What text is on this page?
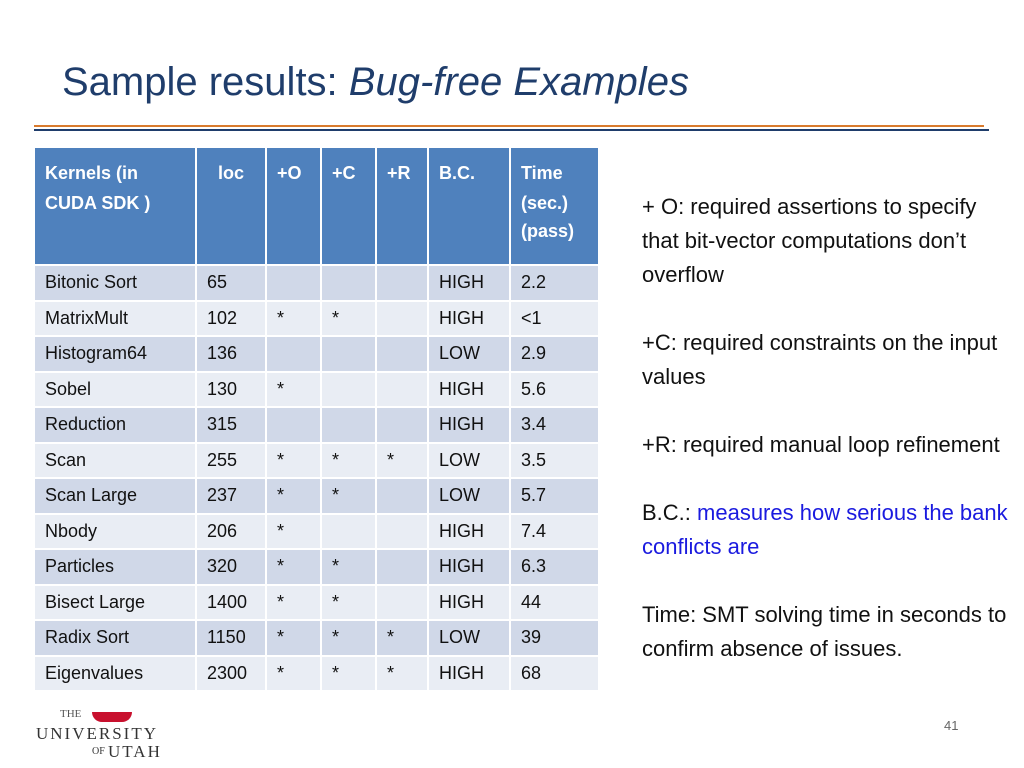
Sample results: Bug-free Examples
Kernels (in
CUDA SDK )	loc	+O	+C	+R	B.C.	Time
(sec.)
(pass)

Bitonic Sort	65				HIGH	2.2
MatrixMult	102	*	*		HIGH	<1
Histogram64	136				LOW	2.9
Sobel	130	*			HIGH	5.6
Reduction	315				HIGH	3.4
Scan	255	*	*	*	LOW	3.5
Scan Large	237	*	*		LOW	5.7
Nbody	206	*			HIGH	7.4
Particles	320	*	*		HIGH	6.3
Bisect Large	1400	*	*		HIGH	44
Radix Sort	1150	*	*	*	LOW	39
Eigenvalues	2300	*	*	*	HIGH	68

+ O: required assertions to specify that bit-vector computations don’t overflow

+C: required constraints on the input values

+R: required manual loop refinement

B.C.: measures how serious the bank conflicts are

Time: SMT solving time in seconds to confirm absence of issues.

THE
UNIVERSITY
OF UTAH
41
